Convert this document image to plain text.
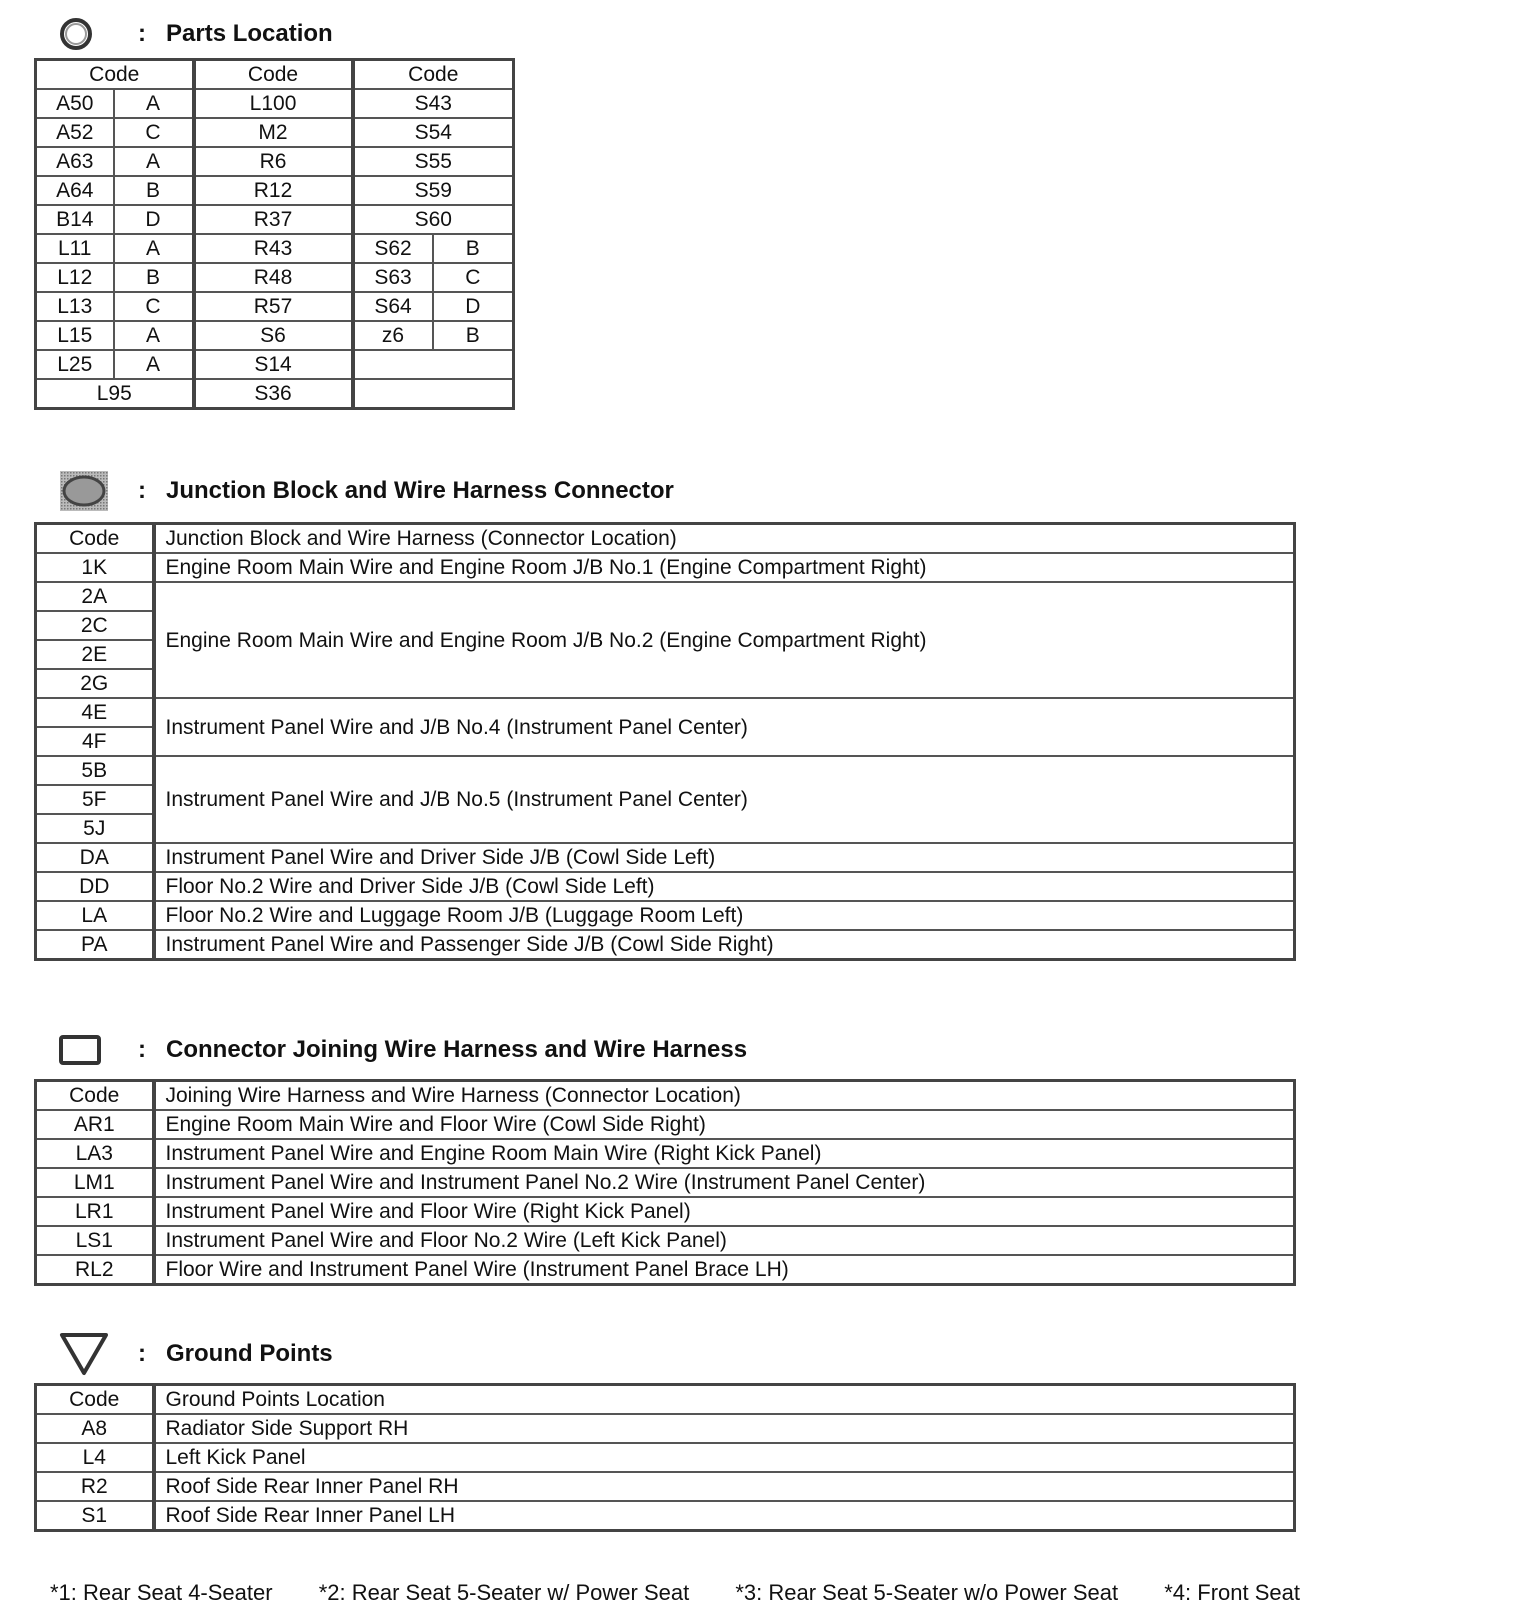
: Parts Location
Code		Code	Code	
A50	A	L100	S43	
A52	C	M2	S54	
A63	A	R6	S55	
A64	B	R12	S59	
B14	D	R37	S60	
L11	A	R43	S62	B
L12	B	R48	S63	C
L13	C	R57	S64	D
L15	A	S6	z6	B
L25	A	S14		
L95		S36		
: Junction Block and Wire Harness Connector
Code	Junction Block and Wire Harness (Connector Location)
1K	Engine Room Main Wire and Engine Room J/B No.1 (Engine Compartment Right)
2A	Engine Room Main Wire and Engine Room J/B No.2 (Engine Compartment Right)
2C	
2E	
2G	
4E	Instrument Panel Wire and J/B No.4 (Instrument Panel Center)
4F	
5B	Instrument Panel Wire and J/B No.5 (Instrument Panel Center)
5F	
5J	
DA	Instrument Panel Wire and Driver Side J/B (Cowl Side Left)
DD	Floor No.2 Wire and Driver Side J/B (Cowl Side Left)
LA	Floor No.2 Wire and Luggage Room J/B (Luggage Room Left)
PA	Instrument Panel Wire and Passenger Side J/B (Cowl Side Right)
: Connector Joining Wire Harness and Wire Harness
Code	Joining Wire Harness and Wire Harness (Connector Location)
AR1	Engine Room Main Wire and Floor Wire (Cowl Side Right)
LA3	Instrument Panel Wire and Engine Room Main Wire (Right Kick Panel)
LM1	Instrument Panel Wire and Instrument Panel No.2 Wire (Instrument Panel Center)
LR1	Instrument Panel Wire and Floor Wire (Right Kick Panel)
LS1	Instrument Panel Wire and Floor No.2 Wire (Left Kick Panel)
RL2	Floor Wire and Instrument Panel Wire (Instrument Panel Brace LH)
: Ground Points
Code	Ground Points Location
A8	Radiator Side Support RH
L4	Left Kick Panel
R2	Roof Side Rear Inner Panel RH
S1	Roof Side Rear Inner Panel LH
*1: Rear Seat 4-Seater *2: Rear Seat 5-Seater w/ Power Seat *3: Rear Seat 5-Seater w/o Power Seat *4: Front Seat
